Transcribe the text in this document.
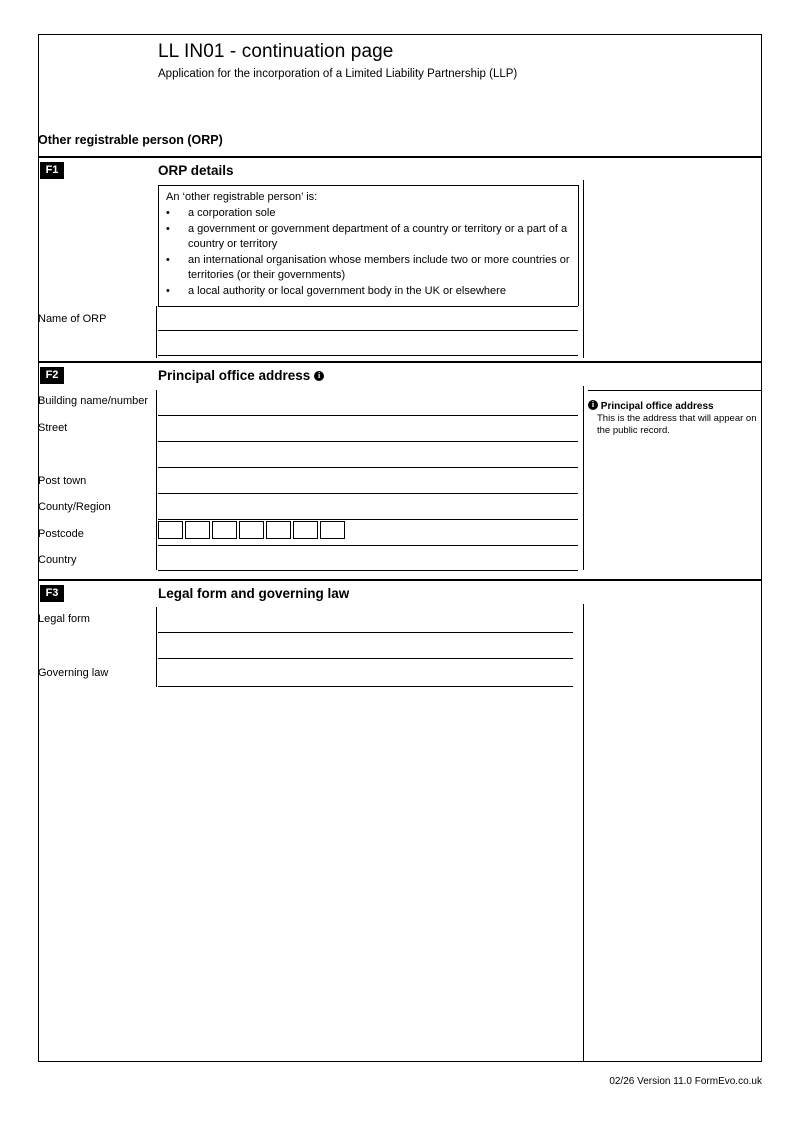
LL IN01 - continuation page
Application for the incorporation of a Limited Liability Partnership (LLP)
Other registrable person (ORP)
F1	ORP details
An ‘other registrable person’ is:
• a corporation sole
• a government or government department of a country or territory or a part of a country or territory
• an international organisation whose members include two or more countries or territories (or their governments)
• a local authority or local government body in the UK or elsewhere
Name of ORP
F2	Principal office address i
i Principal office address
This is the address that will appear on the public record.
Building name/number
Street
Post town
County/Region
Postcode
Country
F3	Legal form and governing law
Legal form
Governing law
02/26 Version 11.0 FormEvo.co.uk
